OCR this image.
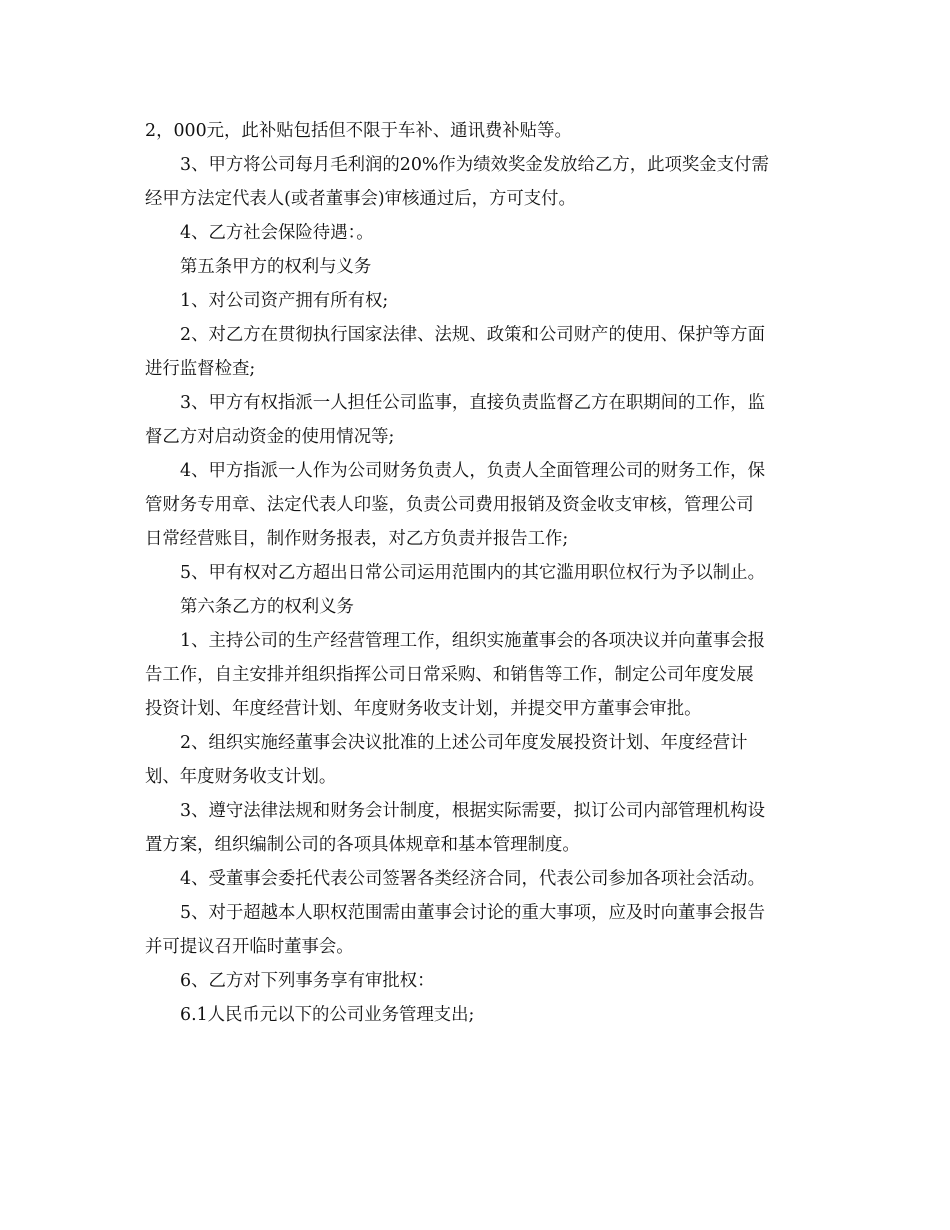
2，000元，此补贴包括但不限于车补、通讯费补贴等。
3、甲方将公司每月毛利润的20%作为绩效奖金发放给乙方，此项奖金支付需
经甲方法定代表人(或者董事会)审核通过后，方可支付。
4、乙方社会保险待遇：。
第五条甲方的权利与义务
1、对公司资产拥有所有权;
2、对乙方在贯彻执行国家法律、法规、政策和公司财产的使用、保护等方面
进行监督检查;
3、甲方有权指派一人担任公司监事，直接负责监督乙方在职期间的工作，监
督乙方对启动资金的使用情况等;
4、甲方指派一人作为公司财务负责人，负责人全面管理公司的财务工作，保
管财务专用章、法定代表人印鉴，负责公司费用报销及资金收支审核，管理公司
日常经营账目，制作财务报表，对乙方负责并报告工作;
5、甲有权对乙方超出日常公司运用范围内的其它滥用职位权行为予以制止。
第六条乙方的权利义务
1、主持公司的生产经营管理工作，组织实施董事会的各项决议并向董事会报
告工作，自主安排并组织指挥公司日常采购、和销售等工作，制定公司年度发展
投资计划、年度经营计划、年度财务收支计划，并提交甲方董事会审批。
2、组织实施经董事会决议批准的上述公司年度发展投资计划、年度经营计
划、年度财务收支计划。
3、遵守法律法规和财务会计制度，根据实际需要，拟订公司内部管理机构设
置方案，组织编制公司的各项具体规章和基本管理制度。
4、受董事会委托代表公司签署各类经济合同，代表公司参加各项社会活动。
5、对于超越本人职权范围需由董事会讨论的重大事项，应及时向董事会报告
并可提议召开临时董事会。
6、乙方对下列事务享有审批权：
6.1人民币元以下的公司业务管理支出;
